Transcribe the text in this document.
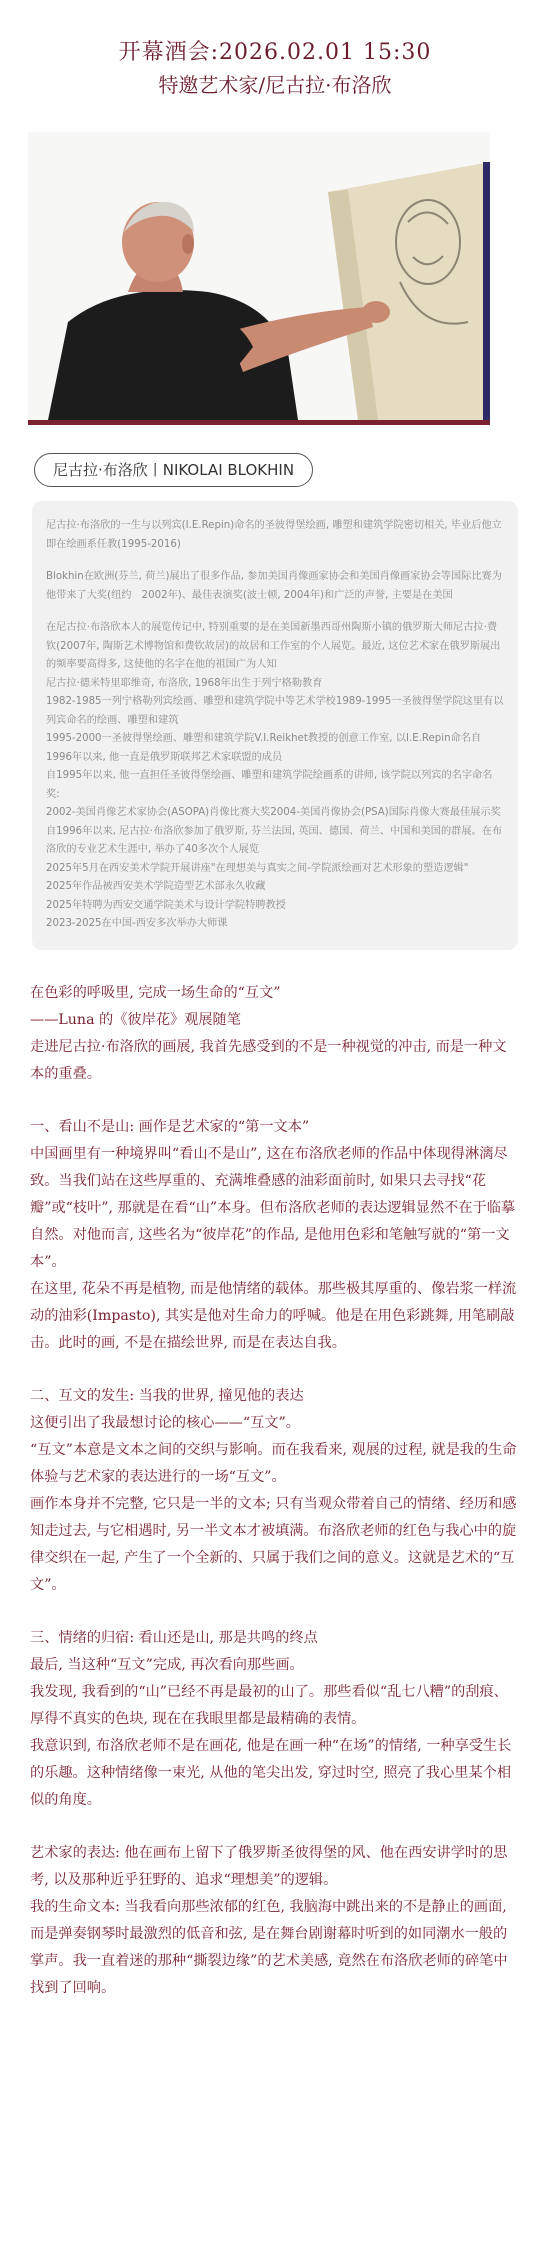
开幕酒会:2026.02.01 15:30
特邀艺术家/尼古拉·布洛欣
尼古拉·布洛欣丨NIKOLAI BLOKHIN

尼古拉·布洛欣的一生与以列宾(I.E.Repin)命名的圣彼得堡绘画, 雕塑和建筑学院密切相关, 毕业后他立即在绘画系任教(1995-2016)

Blokhin在欧洲(芬兰, 荷兰)展出了很多作品, 参加美国肖像画家协会和美国肖像画家协会等国际比赛为他带来了大奖(纽约　2002年)、最佳表演奖(波士顿, 2004年)和广泛的声誉, 主要是在美国

在尼古拉·布洛欣本人的展览传记中, 特别重要的是在美国新墨西哥州陶斯小镇的俄罗斯大师尼古拉·费钦(2007年, 陶斯艺术博物馆和费钦故居)的故居和工作室的个人展览。最近, 这位艺术家在俄罗斯展出的频率要高得多, 这使他的名字在他的祖国广为人知

尼古拉·德米特里耶维奇, 布洛欣, 1968年出生于列宁格勒教育

1982-1985一列宁格勒列宾绘画、雕塑和建筑学院中等艺术学校1989-1995一圣彼得堡学院这里有以列宾命名的绘画、雕塑和建筑

1995-2000一圣彼得堡绘画、雕塑和建筑学院V.I.Reikhet教授的创意工作室, 以I.E.Repin命名自1996年以来, 他一直是俄罗斯联邦艺术家联盟的成员

自1995年以来, 他一直担任圣彼得堡绘画、雕塑和建筑学院绘画系的讲师, 该学院以列宾的名字命名奖:

2002-美国肖像艺术家协会(ASOPA)肖像比赛大奖2004-美国肖像协会(PSA)国际肖像大赛最佳展示奖

自1996年以来, 尼古拉·布洛欣参加了俄罗斯, 芬兰法国, 英国、德国、荷兰、中国和美国的群展。在布洛欣的专业艺术生涯中, 举办了40多次个人展览

2025年5月在西安美术学院开展讲座"在理想美与真实之间-学院派绘画对艺术形象的塑造逻辑"

2025年作品被西安美术学院造型艺术部永久收藏

2025年特聘为西安交通学院美术与设计学院特聘教授

2023-2025在中国-西安多次举办大师课

在色彩的呼吸里, 完成一场生命的“互文”

——Luna 的《彼岸花》观展随笔

走进尼古拉·布洛欣的画展, 我首先感受到的不是一种视觉的冲击, 而是一种文本的重叠。

一、看山不是山: 画作是艺术家的“第一文本”

中国画里有一种境界叫“看山不是山”, 这在布洛欣老师的作品中体现得淋漓尽致。当我们站在这些厚重的、充满堆叠感的油彩面前时, 如果只去寻找“花瓣”或“枝叶”, 那就是在看“山”本身。但布洛欣老师的表达逻辑显然不在于临摹自然。对他而言, 这些名为“彼岸花”的作品, 是他用色彩和笔触写就的“第一文本”。

在这里, 花朵不再是植物, 而是他情绪的载体。那些极其厚重的、像岩浆一样流动的油彩(Impasto), 其实是他对生命力的呼喊。他是在用色彩跳舞, 用笔刷敲击。此时的画, 不是在描绘世界, 而是在表达自我。

二、互文的发生: 当我的世界, 撞见他的表达

这便引出了我最想讨论的核心——“互文”。

“互文”本意是文本之间的交织与影响。而在我看来, 观展的过程, 就是我的生命体验与艺术家的表达进行的一场“互文”。

画作本身并不完整, 它只是一半的文本; 只有当观众带着自己的情绪、经历和感知走过去, 与它相遇时, 另一半文本才被填满。布洛欣老师的红色与我心中的旋律交织在一起, 产生了一个全新的、只属于我们之间的意义。这就是艺术的“互文”。

三、情绪的归宿: 看山还是山, 那是共鸣的终点

最后, 当这种“互文”完成, 再次看向那些画。

我发现, 我看到的“山”已经不再是最初的山了。那些看似“乱七八糟”的刮痕、厚得不真实的色块, 现在在我眼里都是最精确的表情。

我意识到, 布洛欣老师不是在画花, 他是在画一种“在场”的情绪, 一种享受生长的乐趣。这种情绪像一束光, 从他的笔尖出发, 穿过时空, 照亮了我心里某个相似的角度。

艺术家的表达: 他在画布上留下了俄罗斯圣彼得堡的风、他在西安讲学时的思考, 以及那种近乎狂野的、追求“理想美”的逻辑。

我的生命文本: 当我看向那些浓郁的红色, 我脑海中跳出来的不是静止的画面, 而是弹奏钢琴时最激烈的低音和弦, 是在舞台剧谢幕时听到的如同潮水一般的掌声。我一直着迷的那种“撕裂边缘”的艺术美感, 竟然在布洛欣老师的碎笔中找到了回响。
